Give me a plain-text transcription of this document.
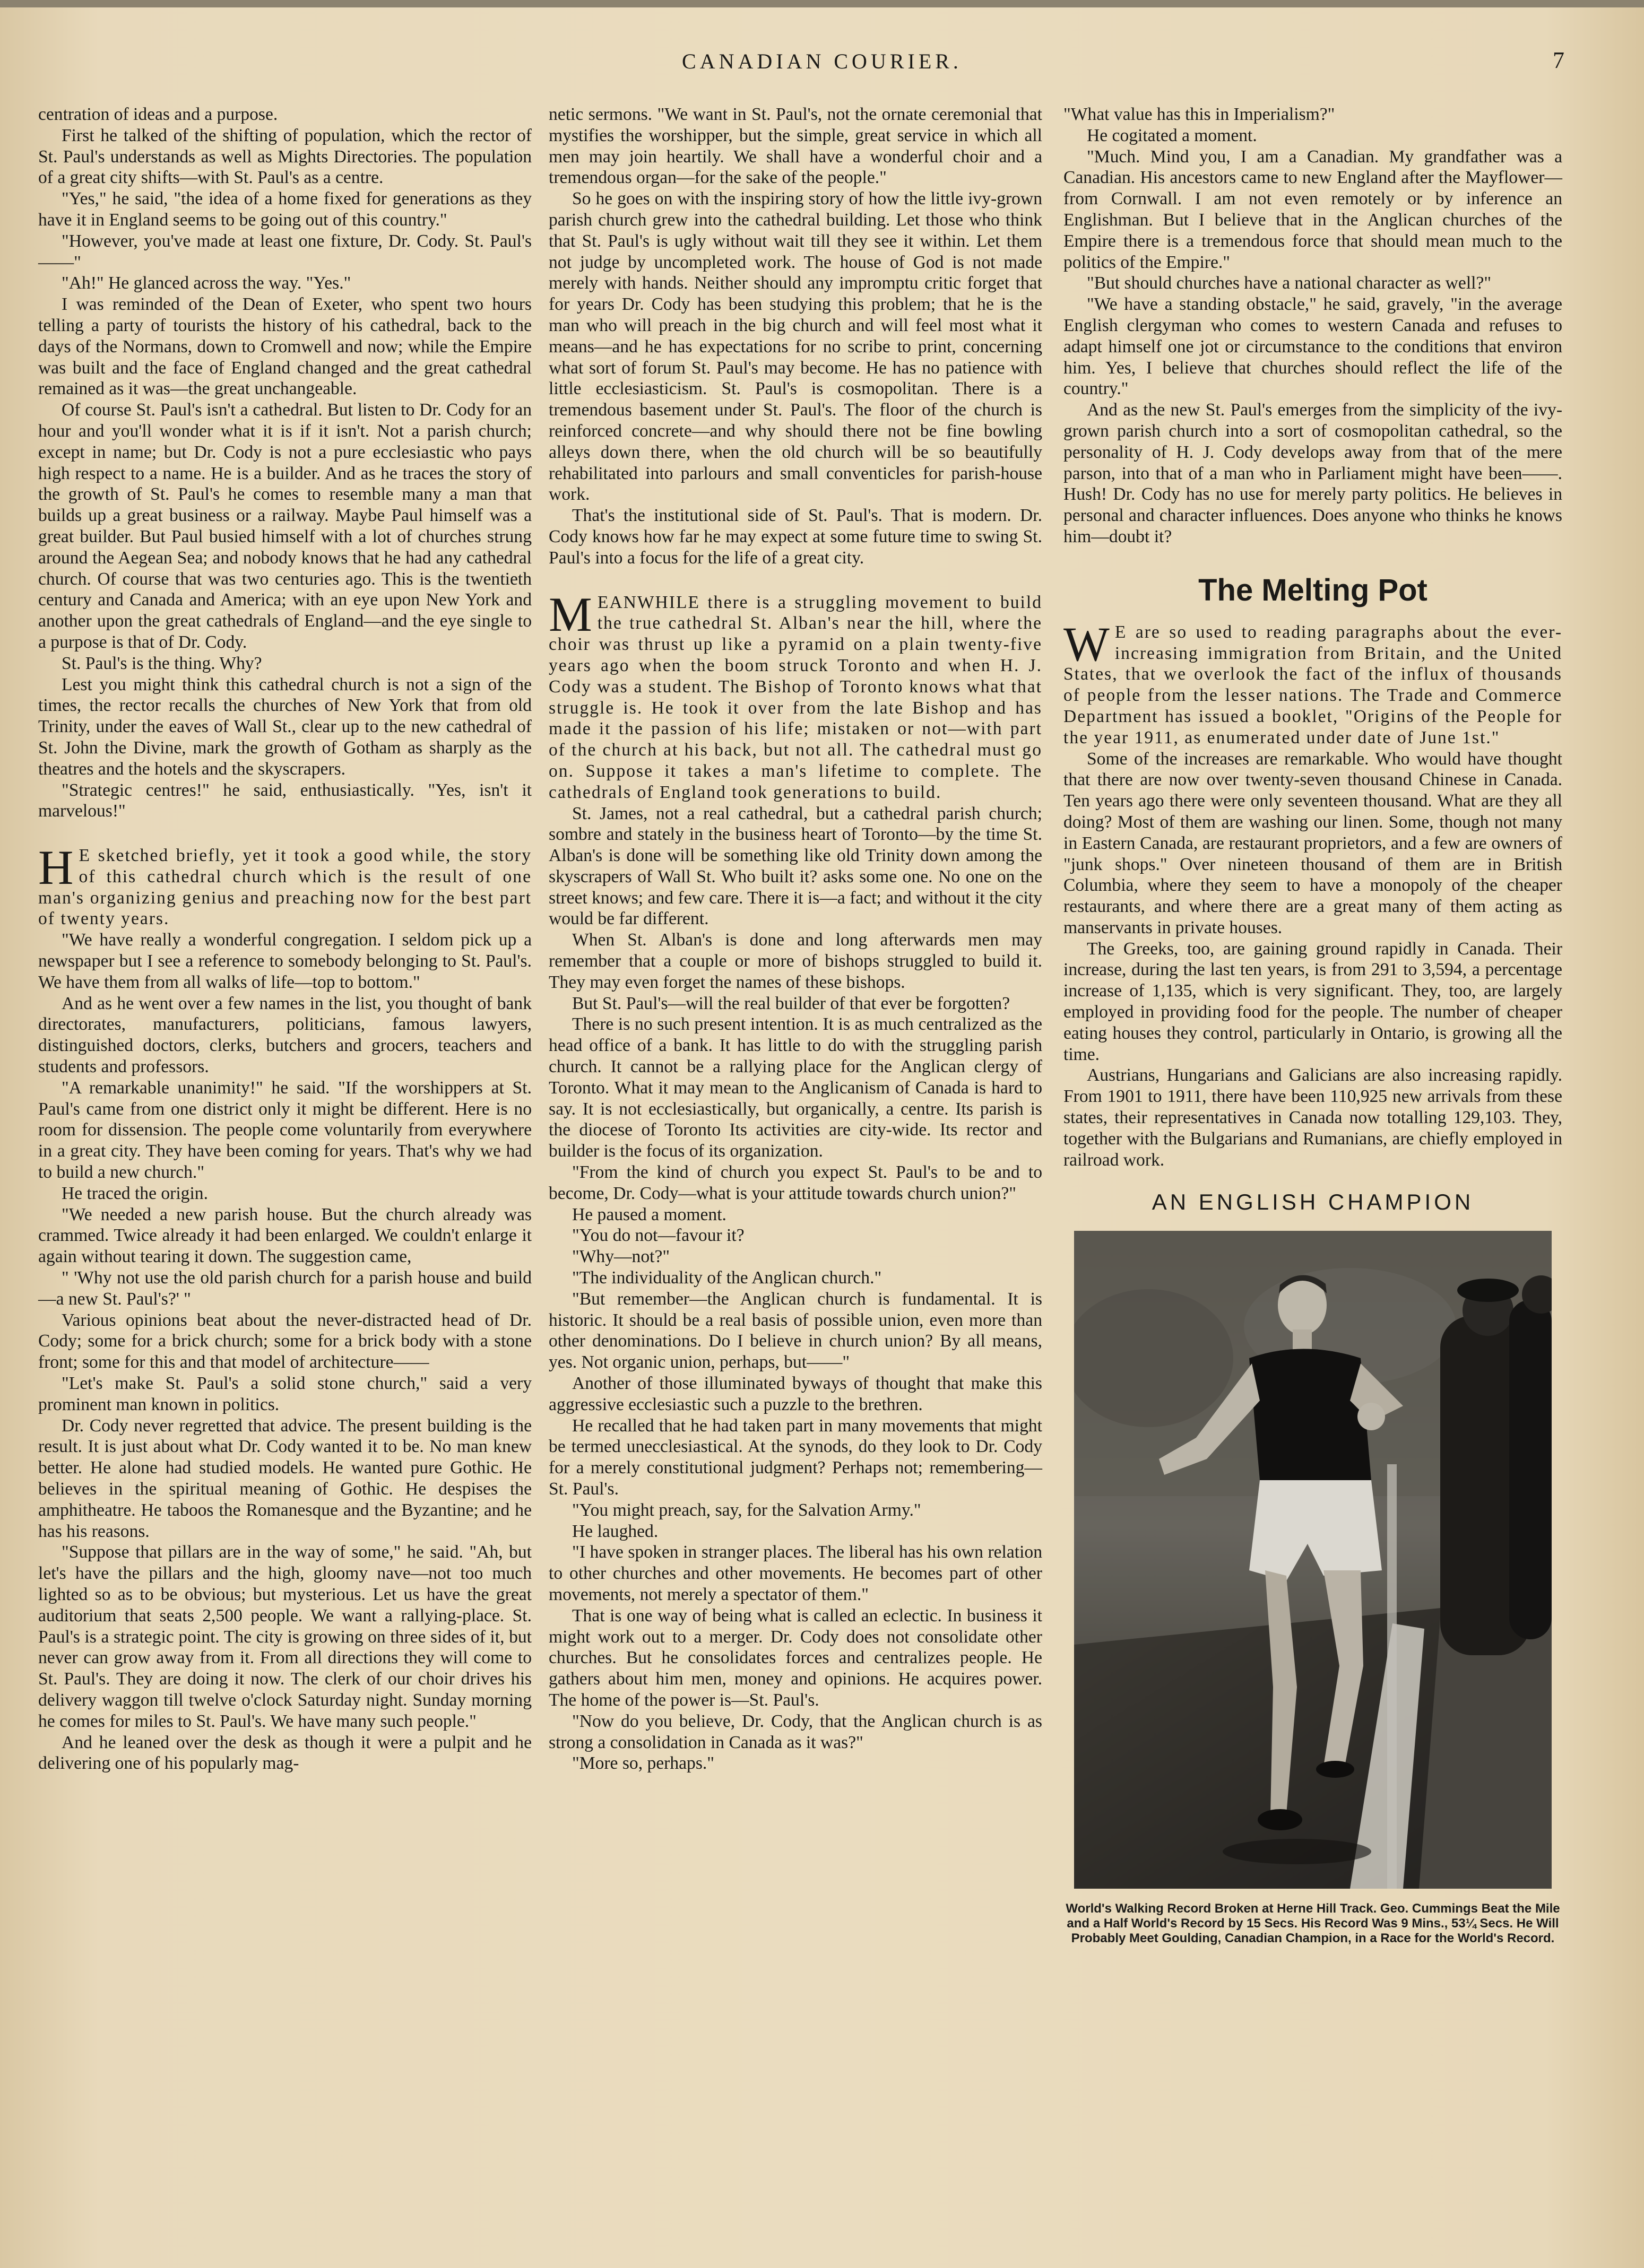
CANADIAN COURIER.	7

centration of ideas and a purpose.

First he talked of the shifting of population, which the rector of St. Paul's understands as well as Mights Directories. The population of a great city shifts—with St. Paul's as a centre.

"Yes," he said, "the idea of a home fixed for generations as they have it in England seems to be going out of this country."

"However, you've made at least one fixture, Dr. Cody. St. Paul's——"

"Ah!" He glanced across the way. "Yes."

I was reminded of the Dean of Exeter, who spent two hours telling a party of tourists the history of his cathedral, back to the days of the Normans, down to Cromwell and now; while the Empire was built and the face of England changed and the great cathedral remained as it was—the great unchangeable.

Of course St. Paul's isn't a cathedral. But listen to Dr. Cody for an hour and you'll wonder what it is if it isn't. Not a parish church; except in name; but Dr. Cody is not a pure ecclesiastic who pays high respect to a name. He is a builder. And as he traces the story of the growth of St. Paul's he comes to resemble many a man that builds up a great business or a railway. Maybe Paul himself was a great builder. But Paul busied himself with a lot of churches strung around the Aegean Sea; and nobody knows that he had any cathedral church. Of course that was two centuries ago. This is the twentieth century and Canada and America; with an eye upon New York and another upon the great cathedrals of England—and the eye single to a purpose is that of Dr. Cody.

St. Paul's is the thing. Why?

Lest you might think this cathedral church is not a sign of the times, the rector recalls the churches of New York that from old Trinity, under the eaves of Wall St., clear up to the new cathedral of St. John the Divine, mark the growth of Gotham as sharply as the theatres and the hotels and the skyscrapers.

"Strategic centres!" he said, enthusiastically. "Yes, isn't it marvelous!"

H E sketched briefly, yet it took a good while, the story of this cathedral church which is the result of one man's organizing genius and preaching now for the best part of twenty years.

"We have really a wonderful congregation. I seldom pick up a newspaper but I see a reference to somebody belonging to St. Paul's. We have them from all walks of life—top to bottom."

And as he went over a few names in the list, you thought of bank directorates, manufacturers, politicians, famous lawyers, distinguished doctors, clerks, butchers and grocers, teachers and students and professors.

"A remarkable unanimity!" he said. "If the worshippers at St. Paul's came from one district only it might be different. Here is no room for dissension. The people come voluntarily from everywhere in a great city. They have been coming for years. That's why we had to build a new church."

He traced the origin.

"We needed a new parish house. But the church already was crammed. Twice already it had been enlarged. We couldn't enlarge it again without tearing it down. The suggestion came,

" 'Why not use the old parish church for a parish house and build—a new St. Paul's?' "

Various opinions beat about the never-distracted head of Dr. Cody; some for a brick church; some for a brick body with a stone front; some for this and that model of architecture——

"Let's make St. Paul's a solid stone church," said a very prominent man known in politics.

Dr. Cody never regretted that advice. The present building is the result. It is just about what Dr. Cody wanted it to be. No man knew better. He alone had studied models. He wanted pure Gothic. He believes in the spiritual meaning of Gothic. He despises the amphitheatre. He taboos the Romanesque and the Byzantine; and he has his reasons.

"Suppose that pillars are in the way of some," he said. "Ah, but let's have the pillars and the high, gloomy nave—not too much lighted so as to be obvious; but mysterious. Let us have the great auditorium that seats 2,500 people. We want a rallying-place. St. Paul's is a strategic point. The city is growing on three sides of it, but never can grow away from it. From all directions they will come to St. Paul's. They are doing it now. The clerk of our choir drives his delivery waggon till twelve o'clock Saturday night. Sunday morning he comes for miles to St. Paul's. We have many such people."

And he leaned over the desk as though it were a pulpit and he delivering one of his popularly mag-

netic sermons. "We want in St. Paul's, not the ornate ceremonial that mystifies the worshipper, but the simple, great service in which all men may join heartily. We shall have a wonderful choir and a tremendous organ—for the sake of the people."

So he goes on with the inspiring story of how the little ivy-grown parish church grew into the cathedral building. Let those who think that St. Paul's is ugly without wait till they see it within. Let them not judge by uncompleted work. The house of God is not made merely with hands. Neither should any impromptu critic forget that for years Dr. Cody has been studying this problem; that he is the man who will preach in the big church and will feel most what it means—and he has expectations for no scribe to print, concerning what sort of forum St. Paul's may become. He has no patience with little ecclesiasticism. St. Paul's is cosmopolitan. There is a tremendous basement under St. Paul's. The floor of the church is reinforced concrete—and why should there not be fine bowling alleys down there, when the old church will be so beautifully rehabilitated into parlours and small conventicles for parish-house work.

That's the institutional side of St. Paul's. That is modern. Dr. Cody knows how far he may expect at some future time to swing St. Paul's into a focus for the life of a great city.

MEANWHILE there is a struggling movement to build the true cathedral St. Alban's near the hill, where the choir was thrust up like a pyramid on a plain twenty-five years ago when the boom struck Toronto and when H. J. Cody was a student. The Bishop of Toronto knows what that struggle is. He took it over from the late Bishop and has made it the passion of his life; mistaken or not—with part of the church at his back, but not all. The cathedral must go on. Suppose it takes a man's lifetime to complete. The cathedrals of England took generations to build.

St. James, not a real cathedral, but a cathedral parish church; sombre and stately in the business heart of Toronto—by the time St. Alban's is done will be something like old Trinity down among the skyscrapers of Wall St. Who built it? asks some one. No one on the street knows; and few care. There it is—a fact; and without it the city would be far different.

When St. Alban's is done and long afterwards men may remember that a couple or more of bishops struggled to build it. They may even forget the names of these bishops.

But St. Paul's—will the real builder of that ever be forgotten?

There is no such present intention. It is as much centralized as the head office of a bank. It has little to do with the struggling parish church. It cannot be a rallying place for the Anglican clergy of Toronto. What it may mean to the Anglicanism of Canada is hard to say. It is not ecclesiastically, but organically, a centre. Its parish is the diocese of Toronto Its activities are city-wide. Its rector and builder is the focus of its organization.

"From the kind of church you expect St. Paul's to be and to become, Dr. Cody—what is your attitude towards church union?"

He paused a moment.

"You do not—favour it?

"Why—not?"

"The individuality of the Anglican church."

"But remember—the Anglican church is fundamental. It is historic. It should be a real basis of possible union, even more than other denominations. Do I believe in church union? By all means, yes. Not organic union, perhaps, but——"

Another of those illuminated byways of thought that make this aggressive ecclesiastic such a puzzle to the brethren.

He recalled that he had taken part in many movements that might be termed unecclesiastical. At the synods, do they look to Dr. Cody for a merely constitutional judgment? Perhaps not; remembering—St. Paul's.

"You might preach, say, for the Salvation Army."

He laughed.

"I have spoken in stranger places. The liberal has his own relation to other churches and other movements. He becomes part of other movements, not merely a spectator of them."

That is one way of being what is called an eclectic. In business it might work out to a merger. Dr. Cody does not consolidate other churches. But he consolidates forces and centralizes people. He gathers about him men, money and opinions. He acquires power. The home of the power is—St. Paul's.

"Now do you believe, Dr. Cody, that the Anglican church is as strong a consolidation in Canada as it was?"

"More so, perhaps."

"What value has this in Imperialism?"

He cogitated a moment.

"Much. Mind you, I am a Canadian. My grandfather was a Canadian. His ancestors came to new England after the Mayflower—from Cornwall. I am not even remotely or by inference an Englishman. But I believe that in the Anglican churches of the Empire there is a tremendous force that should mean much to the politics of the Empire."

"But should churches have a national character as well?"

"We have a standing obstacle," he said, gravely, "in the average English clergyman who comes to western Canada and refuses to adapt himself one jot or circumstance to the conditions that environ him. Yes, I believe that churches should reflect the life of the country."

And as the new St. Paul's emerges from the simplicity of the ivy-grown parish church into a sort of cosmopolitan cathedral, so the personality of H. J. Cody develops away from that of the mere parson, into that of a man who in Parliament might have been——. Hush! Dr. Cody has no use for merely party politics. He believes in personal and character influences. Does anyone who thinks he knows him—doubt it?

The Melting Pot

W E are so used to reading paragraphs about the ever-increasing immigration from Britain, and the United States, that we overlook the fact of the influx of thousands of people from the lesser nations. The Trade and Commerce Department has issued a booklet, "Origins of the People for the year 1911, as enumerated under date of June 1st."

Some of the increases are remarkable. Who would have thought that there are now over twenty-seven thousand Chinese in Canada. Ten years ago there were only seventeen thousand. What are they all doing? Most of them are washing our linen. Some, though not many in Eastern Canada, are restaurant proprietors, and a few are owners of "junk shops." Over nineteen thousand of them are in British Columbia, where they seem to have a monopoly of the cheaper restaurants, and where there are a great many of them acting as manservants in private houses.

The Greeks, too, are gaining ground rapidly in Canada. Their increase, during the last ten years, is from 291 to 3,594, a percentage increase of 1,135, which is very significant. They, too, are largely employed in providing food for the people. The number of cheaper eating houses they control, particularly in Ontario, is growing all the time.

Austrians, Hungarians and Galicians are also increasing rapidly. From 1901 to 1911, there have been 110,925 new arrivals from these states, their representatives in Canada now totalling 129,103. They, together with the Bulgarians and Rumanians, are chiefly employed in railroad work.

AN ENGLISH CHAMPION
World's Walking Record Broken at Herne Hill Track. Geo. Cummings Beat the Mile and a Half World's Record by 15 Secs. His Record Was 9 Mins., 53¼ Secs. He Will Probably Meet Goulding, Canadian Champion, in a Race for the World's Record.
